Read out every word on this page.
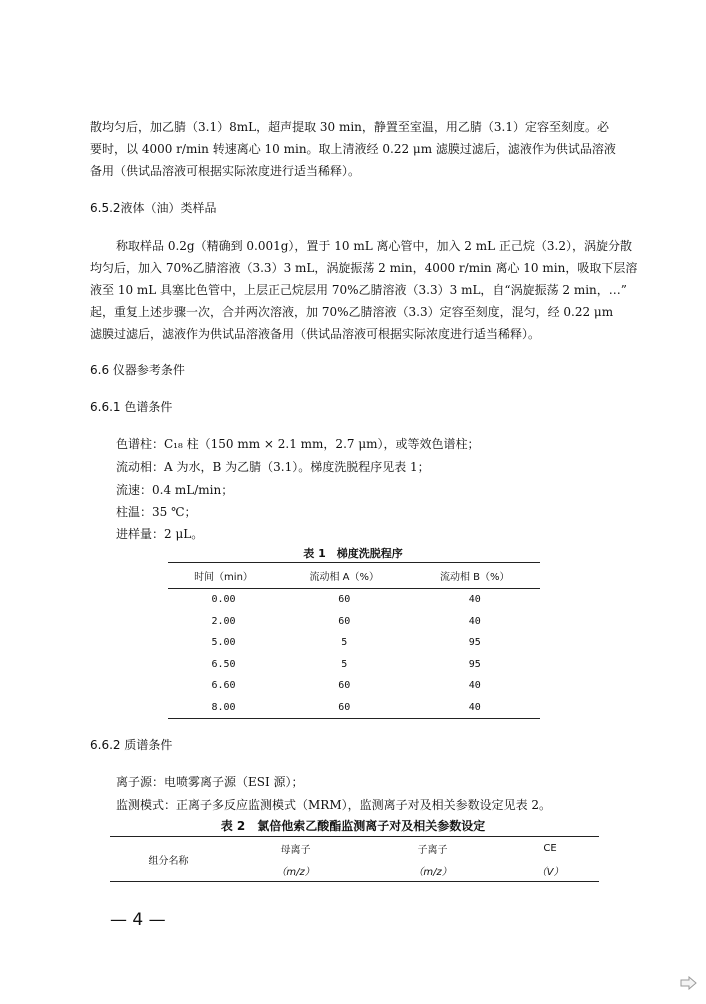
散均匀后，加乙腈（3.1）8mL，超声提取 30 min，静置至室温，用乙腈（3.1）定容至刻度。必
要时，以 4000 r/min 转速离心 10 min。取上清液经 0.22 μm 滤膜过滤后，滤液作为供试品溶液
备用（供试品溶液可根据实际浓度进行适当稀释）。
6.5.2液体（油）类样品
称取样品 0.2g（精确到 0.001g），置于 10 mL 离心管中，加入 2 mL 正己烷（3.2），涡旋分散
均匀后，加入 70%乙腈溶液（3.3）3 mL，涡旋振荡 2 min，4000 r/min 离心 10 min，吸取下层溶
液至 10 mL 具塞比色管中，上层正己烷层用 70%乙腈溶液（3.3）3 mL，自“涡旋振荡 2 min，…”
起，重复上述步骤一次，合并两次溶液，加 70%乙腈溶液（3.3）定容至刻度，混匀，经 0.22 μm
滤膜过滤后，滤液作为供试品溶液备用（供试品溶液可根据实际浓度进行适当稀释）。
6.6 仪器参考条件
6.6.1 色谱条件
色谱柱：C₁₈ 柱（150 mm × 2.1 mm，2.7 μm），或等效色谱柱；
流动相：A 为水，B 为乙腈（3.1）。梯度洗脱程序见表 1；
流速：0.4 mL/min；
柱温：35 ℃；
进样量：2 μL。
表 1　梯度洗脱程序
时间（min）	流动相 A（%）	流动相 B（%）
0.00	60	40
2.00	60	40
5.00	5	95
6.50	5	95
6.60	60	40
8.00	60	40
6.6.2 质谱条件
离子源：电喷雾离子源（ESI 源）；
监测模式：正离子多反应监测模式（MRM），监测离子对及相关参数设定见表 2。
表 2　氯倍他索乙酸酯监测离子对及相关参数设定
组分名称	母离子	子离子	CE
	（m/z）	（m/z）	（V）
— 4 —
